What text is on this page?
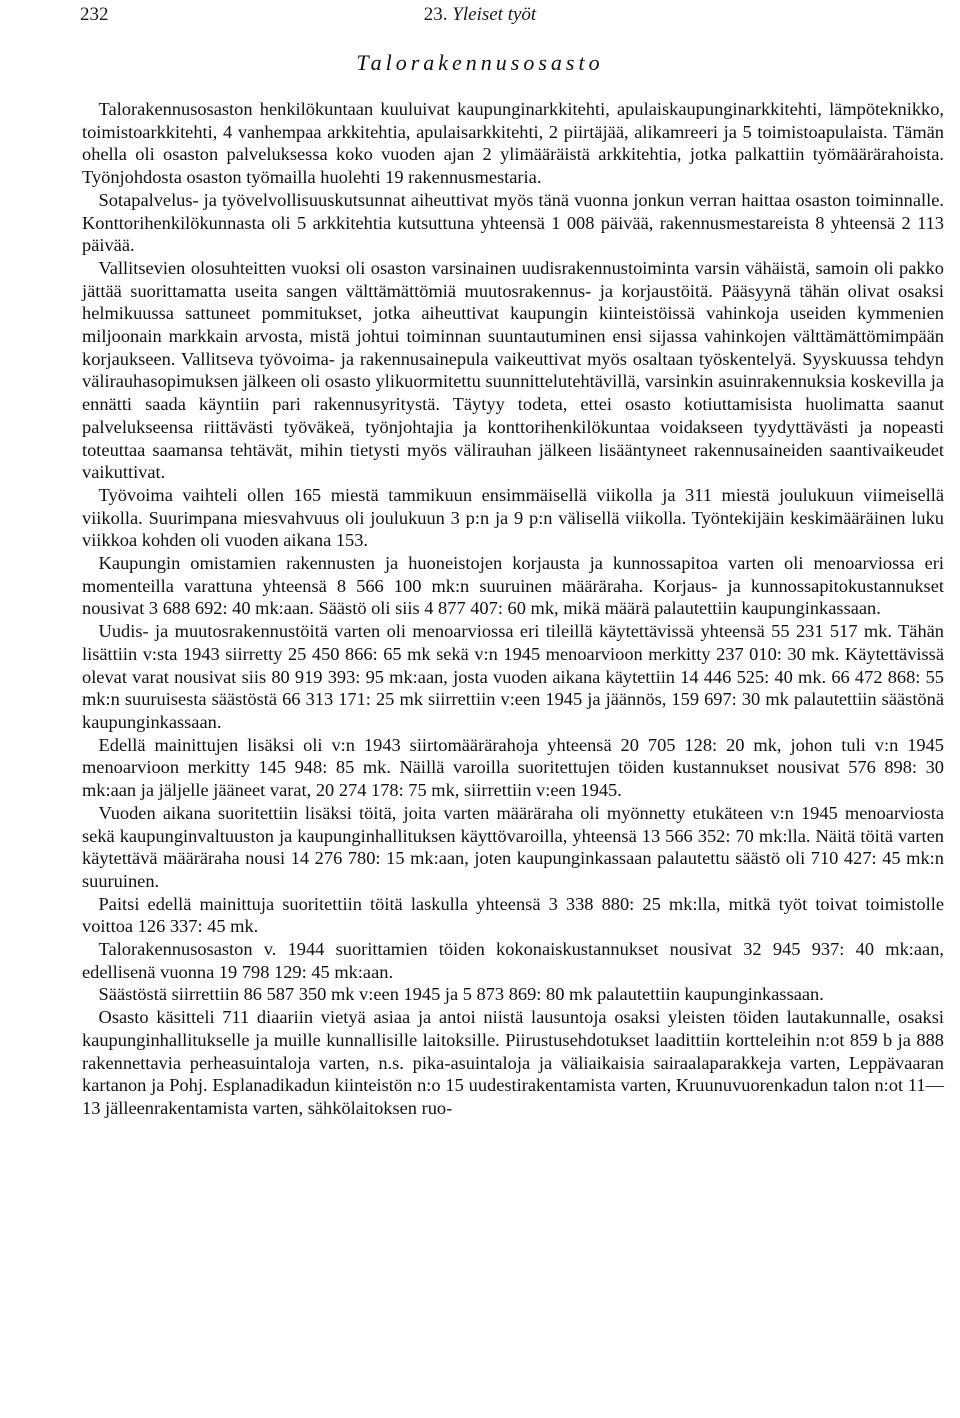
232	23. Yleiset työt
Talorakennusosasto

Talorakennusosaston henkilökuntaan kuuluivat kaupunginarkkitehti, apulaiskaupunginarkkitehti, lämpöteknikko, toimistoarkkitehti, 4 vanhempaa arkkitehtia, apulaisarkkitehti, 2 piirtäjää, alikamreeri ja 5 toimistoapulaista. Tämän ohella oli osaston palveluksessa koko vuoden ajan 2 ylimääräistä arkkitehtia, jotka palkattiin työmäärärahoista. Työnjohdosta osaston työmailla huolehti 19 rakennusmestaria.

Sotapalvelus- ja työvelvollisuuskutsunnat aiheuttivat myös tänä vuonna jonkun verran haittaa osaston toiminnalle. Konttorihenkilökunnasta oli 5 arkkitehtia kutsuttuna yhteensä 1 008 päivää, rakennusmestareista 8 yhteensä 2 113 päivää.

Vallitsevien olosuhteitten vuoksi oli osaston varsinainen uudisrakennustoiminta varsin vähäistä, samoin oli pakko jättää suorittamatta useita sangen välttämättömiä muutosrakennus- ja korjaustöitä. Pääsyynä tähän olivat osaksi helmikuussa sattuneet pommitukset, jotka aiheuttivat kaupungin kiinteistöissä vahinkoja useiden kymmenien miljoonain markkain arvosta, mistä johtui toiminnan suuntautuminen ensi sijassa vahinkojen välttämättömimpään korjaukseen. Vallitseva työvoima- ja rakennusainepula vaikeuttivat myös osaltaan työskentelyä. Syyskuussa tehdyn välirauhasopimuksen jälkeen oli osasto ylikuormitettu suunnittelutehtävillä, varsinkin asuinrakennuksia koskevilla ja ennätti saada käyntiin pari rakennusyritystä. Täytyy todeta, ettei osasto kotiuttamisista huolimatta saanut palvelukseensa riittävästi työväkeä, työnjohtajia ja konttorihenkilökuntaa voidakseen tyydyttävästi ja nopeasti toteuttaa saamansa tehtävät, mihin tietysti myös välirauhan jälkeen lisääntyneet rakennusaineiden saantivaikeudet vaikuttivat.

Työvoima vaihteli ollen 165 miestä tammikuun ensimmäisellä viikolla ja 311 miestä joulukuun viimeisellä viikolla. Suurimpana miesvahvuus oli joulukuun 3 p:n ja 9 p:n välisellä viikolla. Työntekijäin keskimääräinen luku viikkoa kohden oli vuoden aikana 153.

Kaupungin omistamien rakennusten ja huoneistojen korjausta ja kunnossapitoa varten oli menoarviossa eri momenteilla varattuna yhteensä 8 566 100 mk:n suuruinen määräraha. Korjaus- ja kunnossapitokustannukset nousivat 3 688 692: 40 mk:aan. Säästö oli siis 4 877 407: 60 mk, mikä määrä palautettiin kaupunginkassaan.

Uudis- ja muutosrakennustöitä varten oli menoarviossa eri tileillä käytettävissä yhteensä 55 231 517 mk. Tähän lisättiin v:sta 1943 siirretty 25 450 866: 65 mk sekä v:n 1945 menoarvioon merkitty 237 010: 30 mk. Käytettävissä olevat varat nousivat siis 80 919 393: 95 mk:aan, josta vuoden aikana käytettiin 14 446 525: 40 mk. 66 472 868: 55 mk:n suuruisesta säästöstä 66 313 171: 25 mk siirrettiin v:een 1945 ja jäännös, 159 697: 30 mk palautettiin säästönä kaupunginkassaan.

Edellä mainittujen lisäksi oli v:n 1943 siirtomäärärahoja yhteensä 20 705 128: 20 mk, johon tuli v:n 1945 menoarvioon merkitty 145 948: 85 mk. Näillä varoilla suoritettujen töiden kustannukset nousivat 576 898: 30 mk:aan ja jäljelle jääneet varat, 20 274 178: 75 mk, siirrettiin v:een 1945.

Vuoden aikana suoritettiin lisäksi töitä, joita varten määräraha oli myönnetty etukäteen v:n 1945 menoarviosta sekä kaupunginvaltuuston ja kaupunginhallituksen käyttövaroilla, yhteensä 13 566 352: 70 mk:lla. Näitä töitä varten käytettävä määräraha nousi 14 276 780: 15 mk:aan, joten kaupunginkassaan palautettu säästö oli 710 427: 45 mk:n suuruinen.

Paitsi edellä mainittuja suoritettiin töitä laskulla yhteensä 3 338 880: 25 mk:lla, mitkä työt toivat toimistolle voittoa 126 337: 45 mk.

Talorakennusosaston v. 1944 suorittamien töiden kokonaiskustannukset nousivat 32 945 937: 40 mk:aan, edellisenä vuonna 19 798 129: 45 mk:aan.

Säästöstä siirrettiin 86 587 350 mk v:een 1945 ja 5 873 869: 80 mk palautettiin kaupunginkassaan.

Osasto käsitteli 711 diaariin vietyä asiaa ja antoi niistä lausuntoja osaksi yleisten töiden lautakunnalle, osaksi kaupunginhallitukselle ja muille kunnallisille laitoksille. Piirustusehdotukset laadittiin kortteleihin n:ot 859 b ja 888 rakennettavia perheasuintaloja varten, n.s. pika-asuintaloja ja väliaikaisia sairaalaparakkeja varten, Leppävaaran kartanon ja Pohj. Esplanadikadun kiinteistön n:o 15 uudestirakentamista varten, Kruunuvuorenkadun talon n:ot 11—13 jälleenrakentamista varten, sähkölaitoksen ruo-
